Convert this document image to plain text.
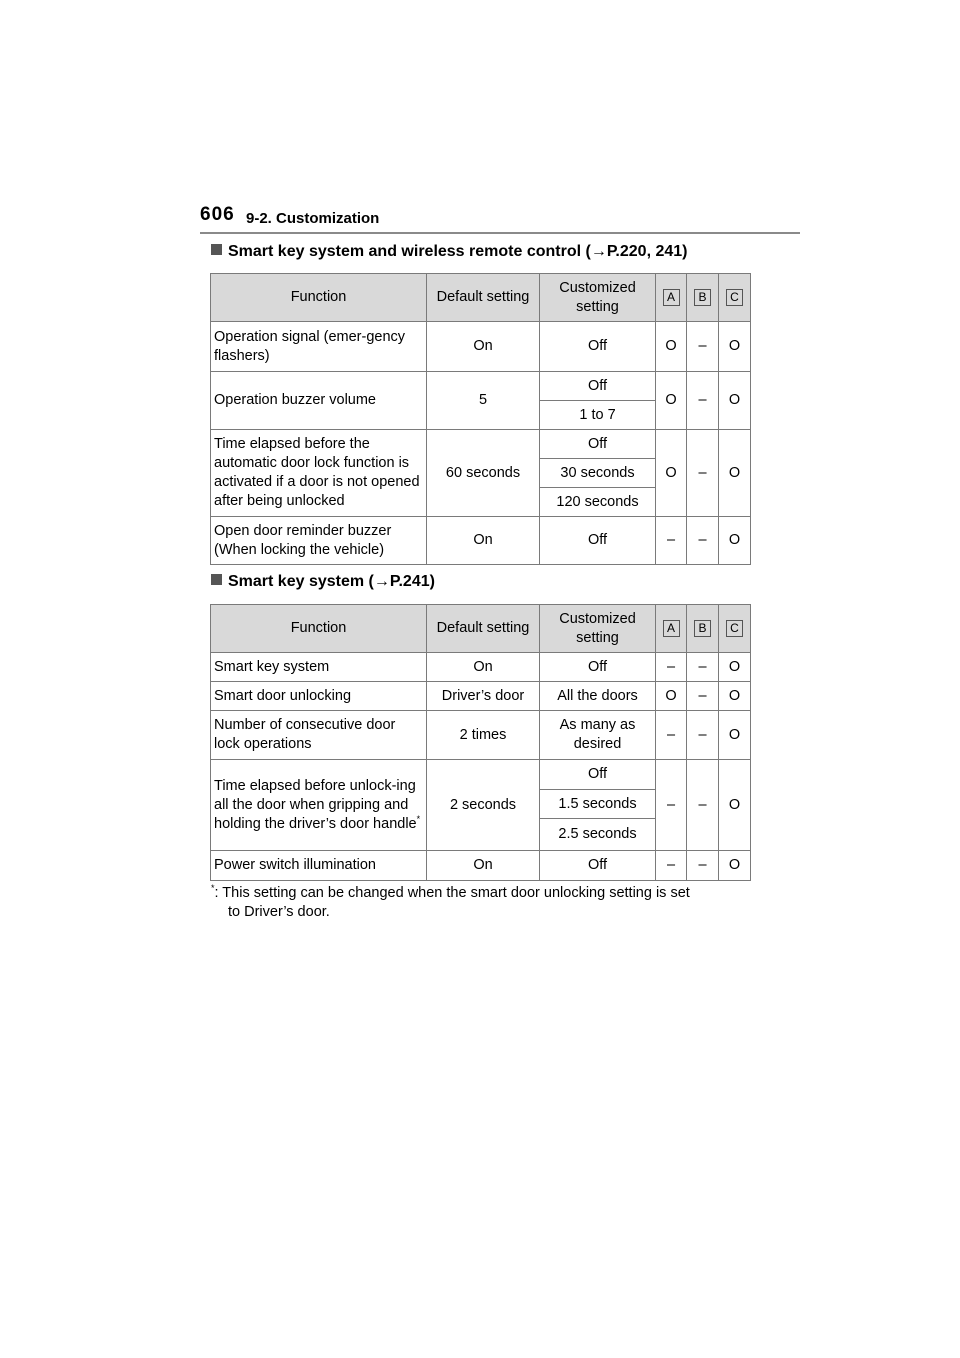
606 9-2. Customization
Smart key system and wireless remote control (→P.220, 241)
Function	Default setting	Customized setting	A	B	C
Operation signal (emer-gency flashers)	On	Off	O	–	O
Operation buzzer volume	5	Off	O	–	O
		1 to 7			
Time elapsed before the automatic door lock function is activated if a door is not opened after being unlocked	60 seconds	Off	O	–	O
		30 seconds			
		120 seconds			
Open door reminder buzzer (When locking the vehicle)	On	Off	–	–	O
Smart key system (→P.241)
Function	Default setting	Customized setting	A	B	C
Smart key system	On	Off	–	–	O
Smart door unlocking	Driver’s door	All the doors	O	–	O
Number of consecutive door lock operations	2 times	As many as desired	–	–	O
Time elapsed before unlock-ing all the door when gripping and holding the driver’s door handle*	2 seconds	Off	–	–	O
		1.5 seconds			
		2.5 seconds			
Power switch illumination	On	Off	–	–	O
*: This setting can be changed when the smart door unlocking setting is set
to Driver’s door.
